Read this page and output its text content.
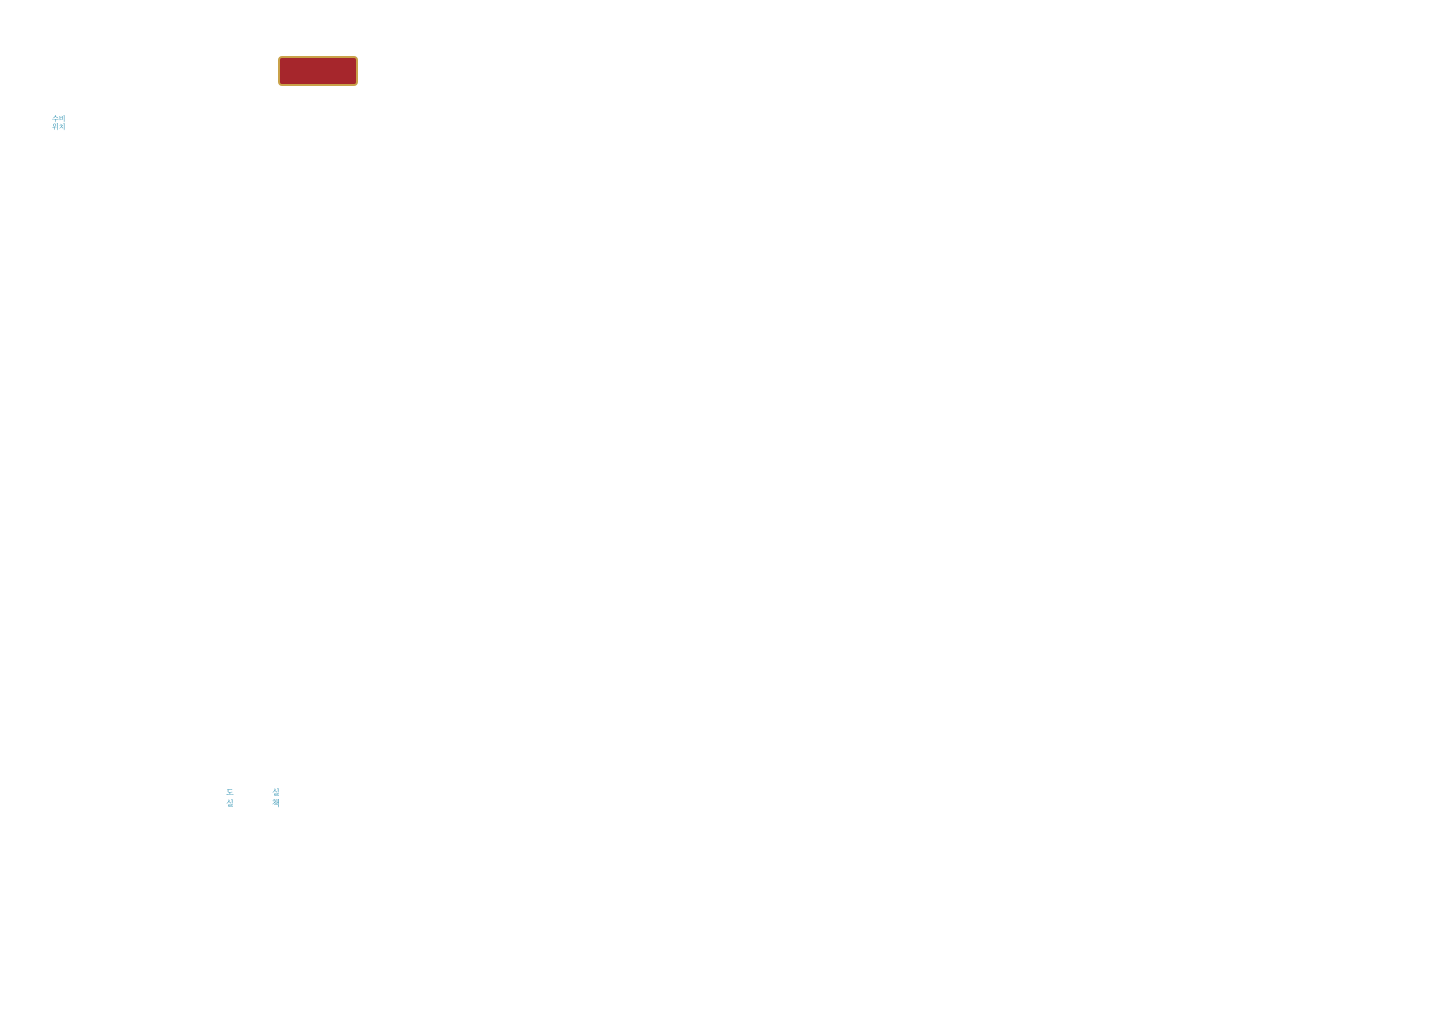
수비
위치
도
실
실
책
